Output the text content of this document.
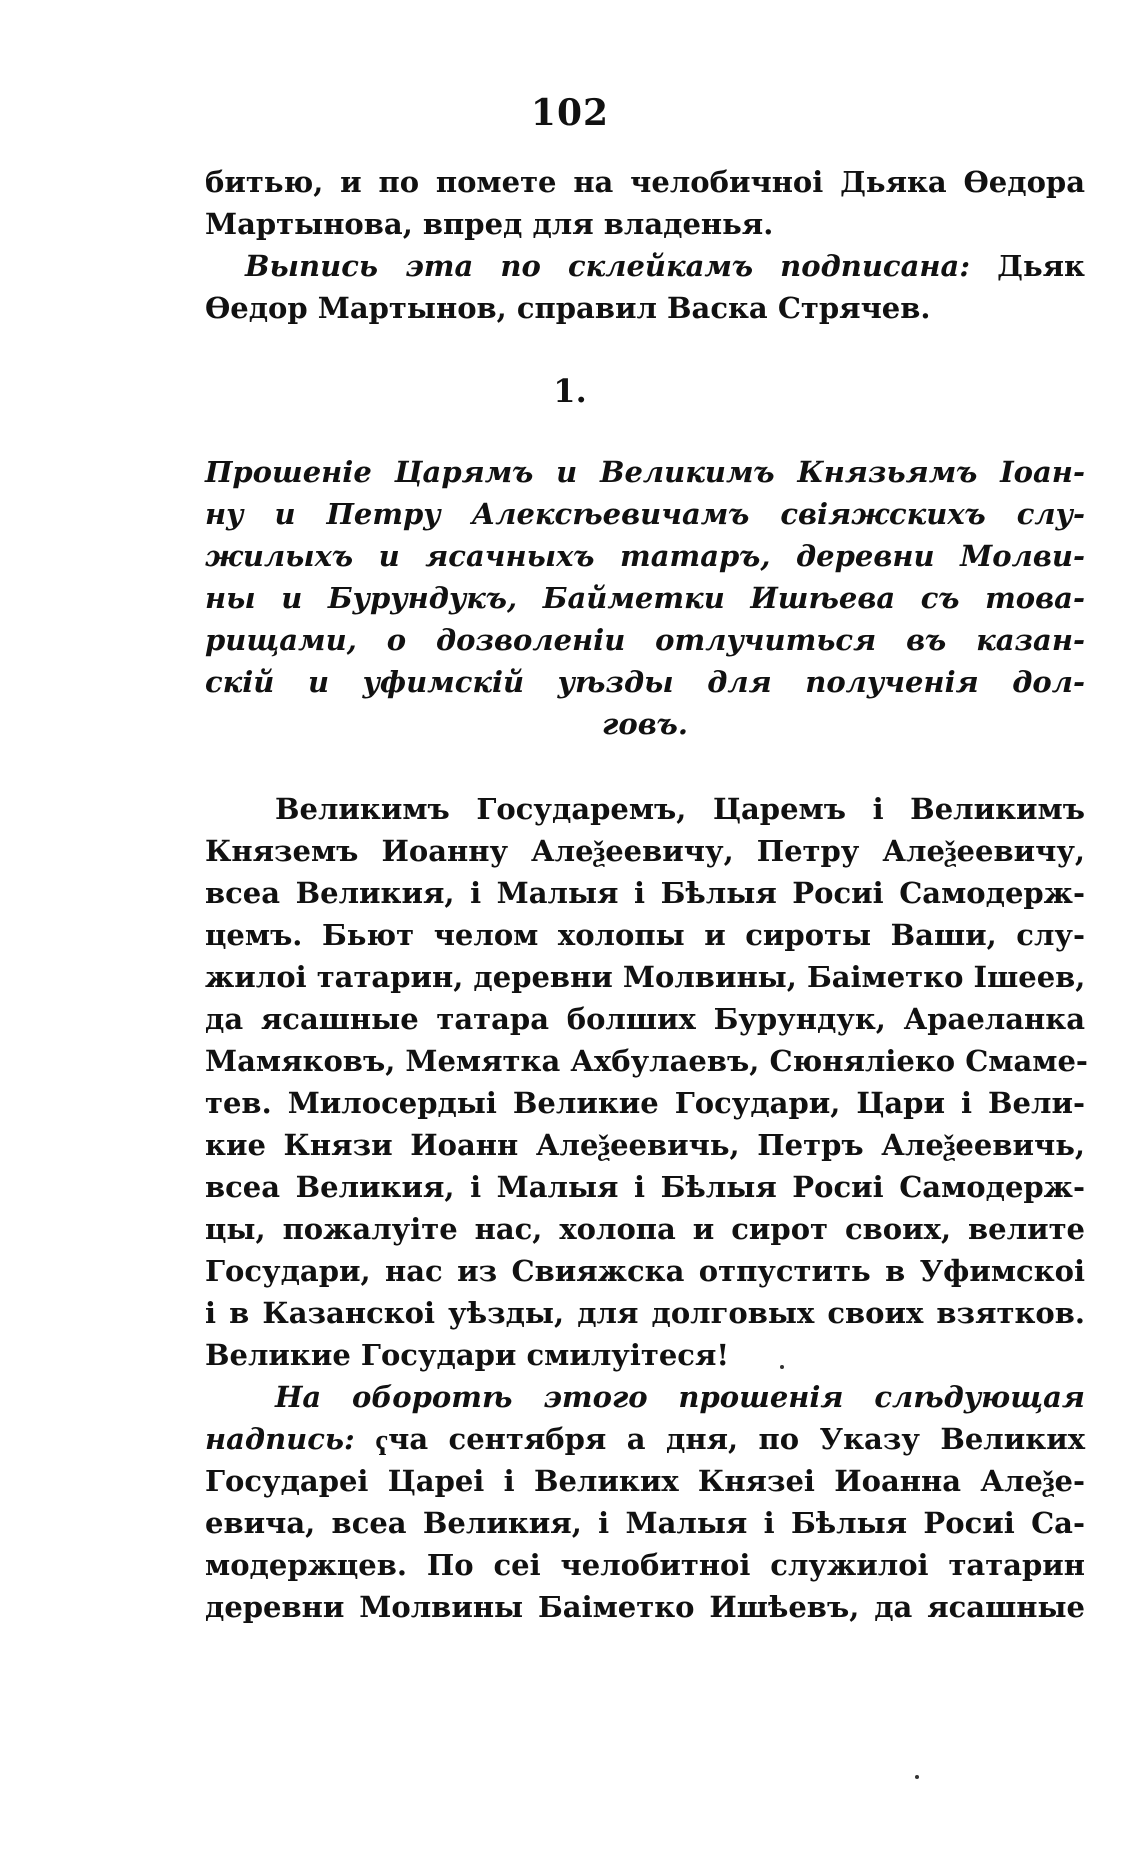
102
битью, и по помете на челобичноі Дьяка Өедора
Мартынова, впред для владенья.
Выпись эта по склейкамъ подписана: Дьяк
Өедор Мартынов, справил Васка Стрячев.
1.
Прошеніе Царямъ и Великимъ Князьямъ Іоан-
ну и Петру Алексѣевичамъ свіяжскихъ слу-
жилыхъ и ясачныхъ татаръ, деревни Молви-
ны и Бурундукъ, Байметки Ишѣева съ това-
рищами, о дозволеніи отлучиться въ казан-
скій и уфимскій уѣзды для полученія дол-
говъ.
Великимъ Государемъ, Царемъ і Великимъ
Княземъ Иоанну Алеѯеевичу, Петру Алеѯеевичу,
всеа Великия, і Малыя і Бѣлыя Росиі Самодерж-
цемъ. Бьют челом холопы и сироты Ваши, слу-
жилоі татарин, деревни Молвины, Баіметко Ішеев,
да ясашные татара болших Бурундук, Араеланка
Мамяковъ, Мемятка Ахбулаевъ, Сюняліеко Смаме-
тев. Милосердыі Великие Государи, Цари і Вели-
кие Князи Иоанн Алеѯеевичь, Петръ Алеѯеевичь,
всеа Великия, і Малыя і Бѣлыя Росиі Самодерж-
цы, пожалуіте нас, холопа и сирот своих, велите
Государи, нас из Свияжска отпустить в Уфимскоі
і в Казанскоі уѣзды, для долговых своих взятков.
Великие Государи смилуітеся!
На оборотѣ этого прошенія слѣдующая
надпись: ҁча сентября а дня, по Указу Великих
Государеі Цареі і Великих Князеі Иоанна Алеѯе-
евича, всеа Великия, і Малыя і Бѣлыя Росиі Са-
модержцев. По сеі челобитноі служилоі татарин
деревни Молвины Баіметко Ишѣевъ, да ясашные
